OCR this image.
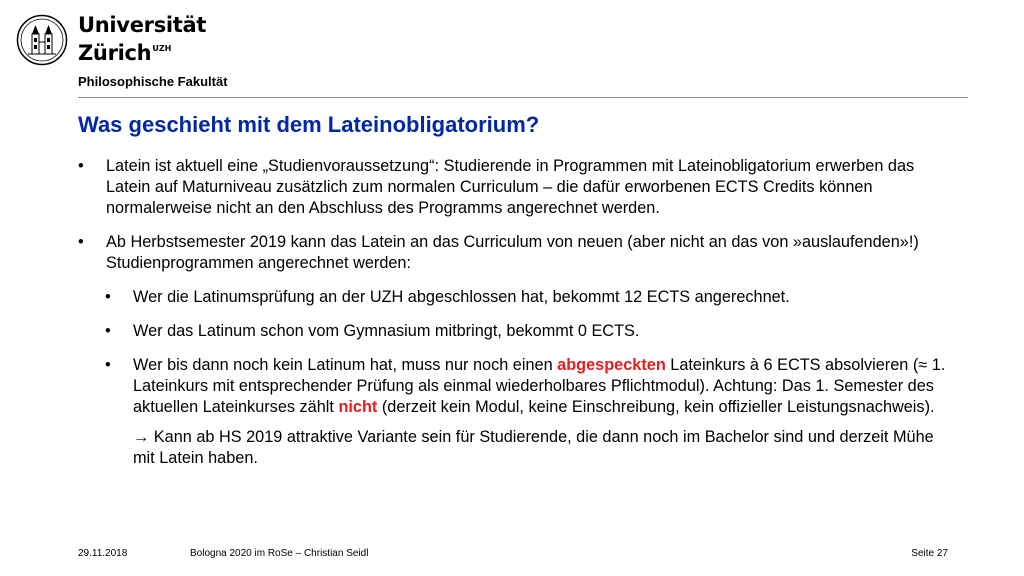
Universität
Zürich$^{UZH}$
Philosophische Fakultät
Was geschieht mit dem Lateinobligatorium?
• Latein ist aktuell eine „Studienvoraussetzung“: Studierende in Programmen mit Lateinobligatorium erwerben das Latein auf Maturniveau zusätzlich zum normalen Curriculum – die dafür erworbenen ECTS Credits können normalerweise nicht an den Abschluss des Programms angerechnet werden.
• Ab Herbstsemester 2019 kann das Latein an das Curriculum von neuen (aber nicht an das von »auslaufenden»!) Studienprogrammen angerechnet werden:
• Wer die Latinumsprüfung an der UZH abgeschlossen hat, bekommt 12 ECTS angerechnet.
• Wer das Latinum schon vom Gymnasium mitbringt, bekommt 0 ECTS.
• Wer bis dann noch kein Latinum hat, muss nur noch einen abgespeckten Lateinkurs à 6 ECTS absolvieren (≈ 1. Lateinkurs mit entsprechender Prüfung als einmal wiederholbares Pflichtmodul). Achtung: Das 1. Semester des aktuellen Lateinkurses zählt nicht (derzeit kein Modul, keine Einschreibung, kein offizieller Leistungsnachweis).
→ Kann ab HS 2019 attraktive Variante sein für Studierende, die dann noch im Bachelor sind und derzeit Mühe mit Latein haben.
29.11.2018	Bologna 2020 im RoSe – Christian Seidl	Seite 27
